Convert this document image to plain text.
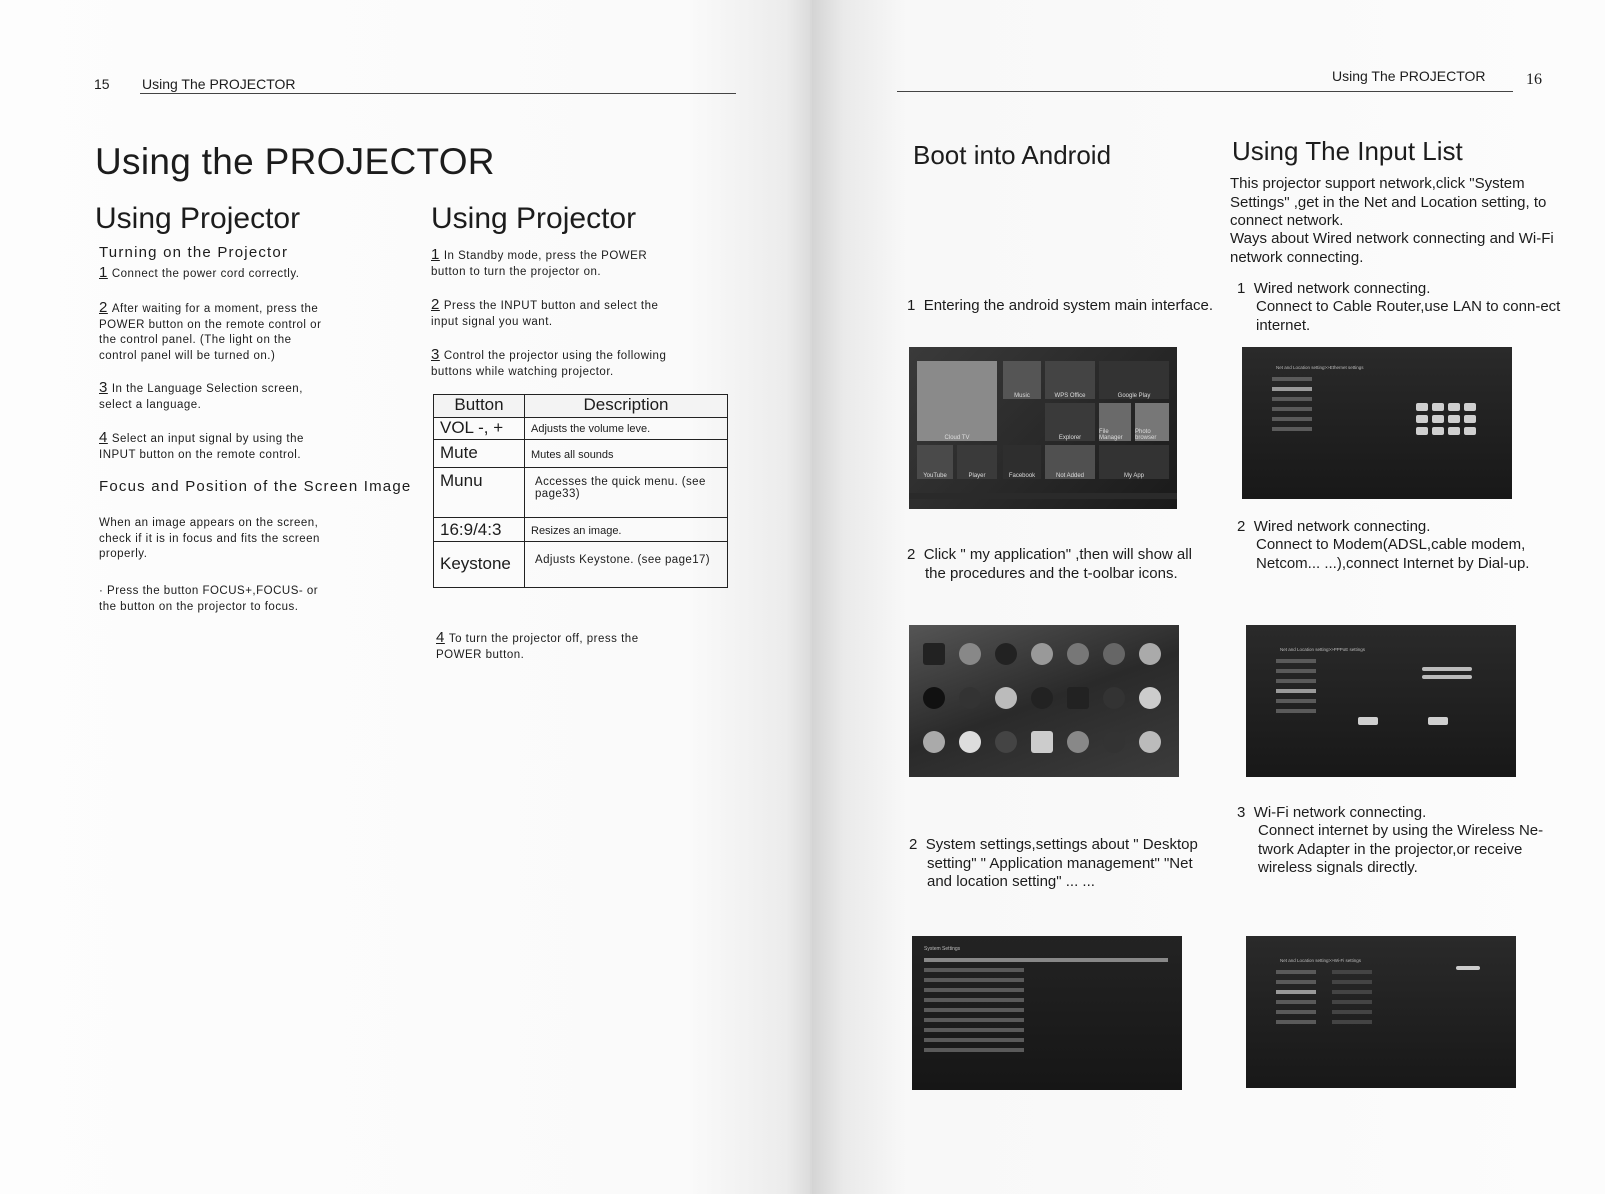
15 Using The PROJECTOR
Using the PROJECTOR
Using Projector
Turning on the Projector
1 Connect the power cord correctly.
2 After waiting for a moment, press the POWER button on the remote control or the control panel. (The light on the control panel will be turned on.)
3 In the Language Selection screen, select a language.
4 Select an input signal by using the INPUT button on the remote control.
Focus and Position of the Screen Image
When an image appears on the screen, check if it is in focus and fits the screen properly.
· Press the button FOCUS+,FOCUS- or the button on the projector to focus.
Using Projector
1 In Standby mode, press the POWER button to turn the projector on.
2 Press the INPUT button and select the input signal you want.
3 Control the projector using the following buttons while watching projector.
Button	Description
VOL -, +	Adjusts the volume leve.
Mute	Mutes all sounds
Munu	Accesses the quick menu. (see page33)
16:9/4:3	Resizes an image.
Keystone	Adjusts Keystone. (see page17)
4 To turn the projector off, press the POWER button.
Using The PROJECTOR	16
Boot into Android
1 Entering the android system main interface.
Cloud TV
Music	WPS Office	Google Play
Explorer
File Manager
Photo browser
YouTube	Player	Facebook	Not Added	My App
2 Click " my application" ,then will show all the procedures and the t-oolbar icons.
2 System settings,settings about " Desktop setting" " Application management" "Net and location setting" ... ...
System Settings
Using The Input List
This projector support network,click "System Settings" ,get in the Net and Location setting, to connect network.
Ways about Wired network connecting and Wi-Fi network connecting.
1 Wired network connecting.
Connect to Cable Router,use LAN to conn-ect internet.
Net and Location setting>>Ethernet settings
2 Wired network connecting.
Connect to Modem(ADSL,cable modem, Netcom... ...),connect Internet by Dial-up.
Net and Location setting>>PPPoE settings
3 Wi-Fi network connecting.
Connect internet by using the Wireless Ne-twork Adapter in the projector,or receive wireless signals directly.
Net and Location setting>>Wi-Fi settings
